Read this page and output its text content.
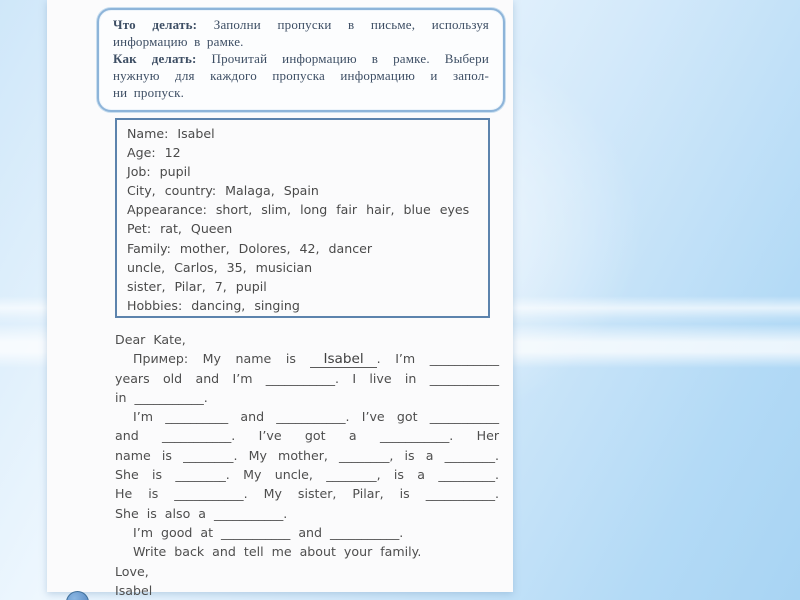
Что делать: Заполни пропуски в письме, используя
информацию в рамке.
Как делать: Прочитай информацию в рамке. Выбери
нужную для каждого пропуска информацию и запол-
ни пропуск.
Name: Isabel
Age: 12
Job: pupil
City, country: Malaga, Spain
Appearance: short, slim, long fair hair, blue eyes
Pet: rat, Queen
Family: mother, Dolores, 42, dancer
uncle, Carlos, 35, musician
sister, Pilar, 7, pupil
Hobbies: dancing, singing
Dear Kate,
Пример: My name is Isabel . I’m ___________
years old and I’m ___________. I live in ___________
in ___________.
I’m __________ and ___________. I’ve got ___________
and ___________. I’ve got a ___________. Her
name is ________. My mother, ________, is a ________.
She is ________. My uncle, ________, is a _________.
He is ___________. My sister, Pilar, is ___________.
She is also a ___________.
I’m good at ___________ and ___________.
Write back and tell me about your family.
Love,
Isabel
